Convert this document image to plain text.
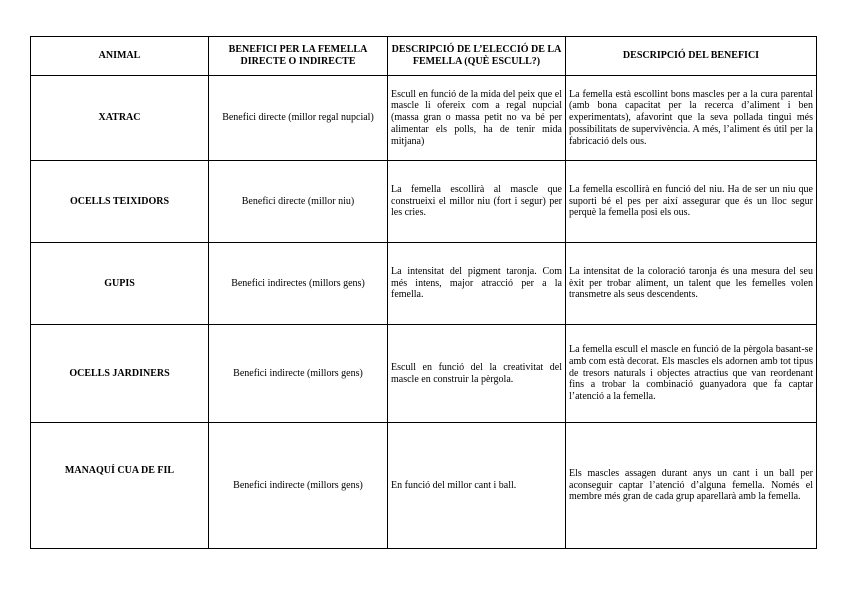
ANIMAL	BENEFICI PER LA FEMELLA DIRECTE O INDIRECTE	DESCRIPCIÓ DE L’ELECCIÓ DE LA FEMELLA (QUÈ ESCULL?)	DESCRIPCIÓ DEL BENEFICI
XATRAC	Benefici directe (millor regal nupcial)	Escull en funció de la mida del peix que el mascle li ofereix com a regal nupcial (massa gran o massa petit no va bé per alimentar els polls, ha de tenir mida mitjana)	La femella està escollint bons mascles per a la cura parental (amb bona capacitat per la recerca d’aliment i ben experimentats), afavorint que la seva pollada tingui més possibilitats de supervivència. A més, l’aliment és útil per la fabricació dels ous.
OCELLS TEIXIDORS	Benefici directe (millor niu)	La femella escollirà al mascle que construeixi el millor niu (fort i segur) per les cries.	La femella escollirà en funció del niu. Ha de ser un niu que suporti bé el pes per així assegurar que és un lloc segur perquè la femella posi els ous.
GUPIS	Benefici indirectes (millors gens)	La intensitat del pigment taronja. Com més intens, major atracció per a la femella.	La intensitat de la coloració taronja és una mesura del seu èxit per trobar aliment, un talent que les femelles volen transmetre als seus descendents.
OCELLS JARDINERS	Benefici indirecte (millors gens)	Escull en funció del la creativitat del mascle en construir la pèrgola.	La femella escull el mascle en funció de la pèrgola basant-se amb com està decorat. Els mascles els adornen amb tot tipus de tresors naturals i objectes atractius que van reordenant fins a trobar la combinació guanyadora que fa captar l’atenció a la femella.
MANAQUÍ CUA DE FIL	Benefici indirecte (millors gens)	En funció del millor cant i ball.	Els mascles assagen durant anys un cant i un ball per aconseguir captar l’atenció d’alguna femella. Només el membre més gran de cada grup aparellarà amb la femella.
